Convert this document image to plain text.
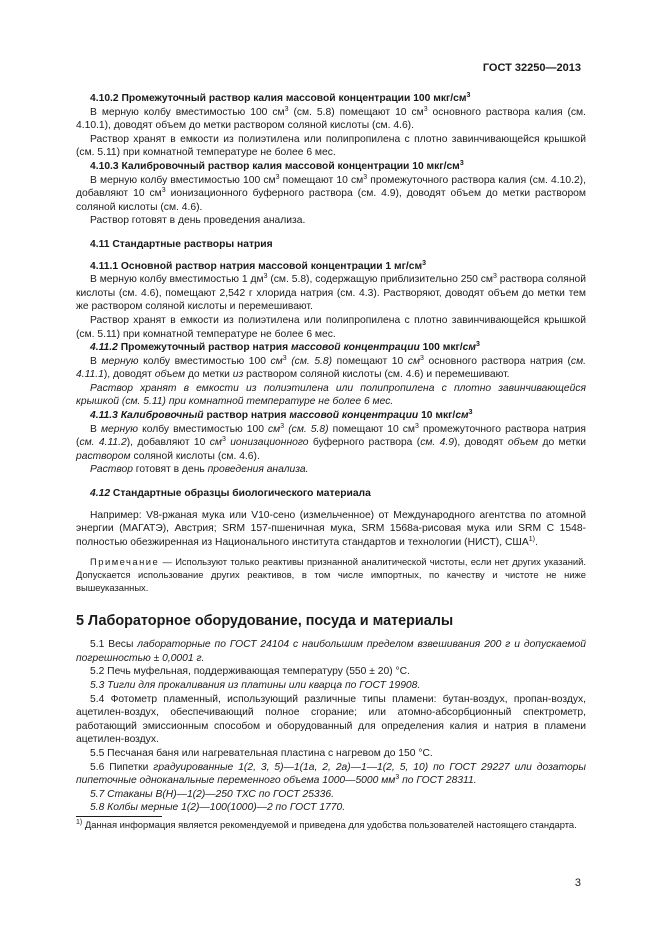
ГОСТ 32250—2013

4.10.2 Промежуточный раствор калия массовой концентрации 100 мкг/$см^3$

В мерную колбу вместимостью 100 $см^3$ (см. 5.8) помещают 10 $см^3$ основного раствора калия (см. 4.10.1), доводят объем до метки раствором соляной кислоты (см. 4.6).

Раствор хранят в емкости из полиэтилена или полипропилена с плотно завинчивающейся крышкой (см. 5.11) при комнатной температуре не более 6 мес.

4.10.3 Калибровочный раствор калия массовой концентрации 10 мкг/$см^3$

В мерную колбу вместимостью 100 $см^3$ помещают 10 $см^3$ промежуточного раствора калия (см. 4.10.2), добавляют 10 $см^3$ ионизационного буферного раствора (см. 4.9), доводят объем до метки раствором соляной кислоты (см. 4.6).

Раствор готовят в день проведения анализа.

4.11 Стандартные растворы натрия

4.11.1 Основной раствор натрия массовой концентрации 1 $мг/см^3$

В мерную колбу вместимостью 1 $дм^3$ (см. 5.8), содержащую приблизительно 250 $см^3$ раствора соляной кислоты (см. 4.6), помещают 2,542 г хлорида натрия (см. 4.3). Растворяют, доводят объем до метки тем же раствором соляной кислоты и перемешивают.

Раствор хранят в емкости из полиэтилена или полипропилена с плотно завинчивающейся крышкой (см. 5.11) при комнатной температуре не более 6 мес.

4.11.2 Промежуточный раствор натрия массовой концентрации 100 мкг/$см^3$

В мерную колбу вместимостью 100 $см^3$ (см. 5.8) помещают 10 $см^3$ основного раствора натрия (см. 4.11.1), доводят объем до метки из раствором соляной кислоты (см. 4.6) и перемешивают.

Раствор хранят в емкости из полиэтилена или полипропилена с плотно завинчивающейся крышкой (см. 5.11) при комнатной температуре не более 6 мес.

4.11.3 Калибровочный раствор натрия массовой концентрации 10 мкг/$см^3$

В мерную колбу вместимостью 100 $см^3$ (см. 5.8) помещают 10 $см^3$ промежуточного раствора натрия (см. 4.11.2), добавляют 10 $см^3$ ионизационного буферного раствора (см. 4.9), доводят объем до метки раствором соляной кислоты (см. 4.6).

Раствор готовят в день проведения анализа.

4.12 Стандартные образцы биологического материала

Например: V8-ржаная мука или V10-сено (измельченное) от Международного агентства по атомной энергии (МАГАТЭ), Австрия; SRM 157-пшеничная мука, SRM 1568а-рисовая мука или SRM C 1548-полностью обезжиренная из Национального института стандартов и технологии (НИСТ), США$^{1)}$.

Примечание — Используют только реактивы признанной аналитической чистоты, если нет других указаний. Допускается использование других реактивов, в том числе импортных, по качеству и чистоте не ниже вышеуказанных.

5 Лабораторное оборудование, посуда и материалы

5.1 Весы лабораторные по ГОСТ 24104 с наибольшим пределом взвешивания 200 г и допускаемой погрешностью ± 0,0001 г.

5.2 Печь муфельная, поддерживающая температуру (550 ± 20) °С.

5.3 Тигли для прокаливания из платины или кварца по ГОСТ 19908.

5.4 Фотометр пламенный, использующий различные типы пламени: бутан-воздух, пропан-воздух, ацетилен-воздух, обеспечивающий полное сгорание; или атомно-абсорбционный спектрометр, работающий эмиссионным способом и оборудованный для определения калия и натрия в пламени ацетилен-воздух.

5.5 Песчаная баня или нагревательная пластина с нагревом до 150 °С.

5.6 Пипетки градуированные 1(2, 3, 5)—1(1а, 2, 2а)—1—1(2, 5, 10) по ГОСТ 29227 или дозаторы пипеточные одноканальные переменного объема 1000—5000 $мм^3$ по ГОСТ 28311.

5.7 Стаканы В(Н)—1(2)—250 ТХС по ГОСТ 25336.

5.8 Колбы мерные 1(2)—100(1000)—2 по ГОСТ 1770.

$^{1)}$ Данная информация является рекомендуемой и приведена для удобства пользователей настоящего стандарта.
3
